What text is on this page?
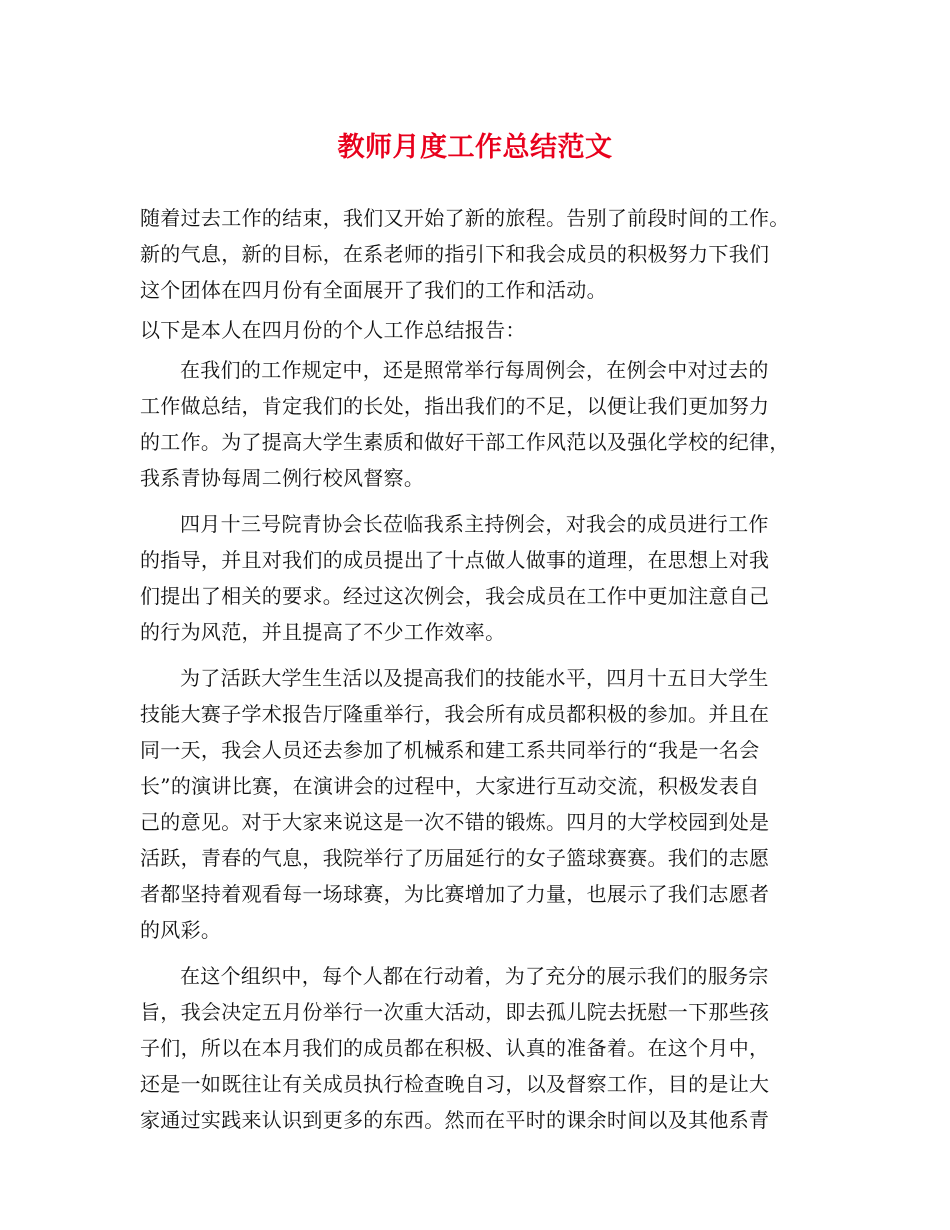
教师月度工作总结范文
随着过去工作的结束，我们又开始了新的旅程。告别了前段时间的工作。
新的气息，新的目标，在系老师的指引下和我会成员的积极努力下我们
这个团体在四月份有全面展开了我们的工作和活动。
以下是本人在四月份的个人工作总结报告：
在我们的工作规定中，还是照常举行每周例会，在例会中对过去的
工作做总结，肯定我们的长处，指出我们的不足，以便让我们更加努力
的工作。为了提高大学生素质和做好干部工作风范以及强化学校的纪律，
我系青协每周二例行校风督察。
四月十三号院青协会长莅临我系主持例会，对我会的成员进行工作
的指导，并且对我们的成员提出了十点做人做事的道理，在思想上对我
们提出了相关的要求。经过这次例会，我会成员在工作中更加注意自己
的行为风范，并且提高了不少工作效率。
为了活跃大学生生活以及提高我们的技能水平，四月十五日大学生
技能大赛子学术报告厅隆重举行，我会所有成员都积极的参加。并且在
同一天，我会人员还去参加了机械系和建工系共同举行的“我是一名会
长”的演讲比赛，在演讲会的过程中，大家进行互动交流，积极发表自
己的意见。对于大家来说这是一次不错的锻炼。四月的大学校园到处是
活跃，青春的气息，我院举行了历届延行的女子篮球赛赛。我们的志愿
者都坚持着观看每一场球赛，为比赛增加了力量，也展示了我们志愿者
的风彩。
在这个组织中，每个人都在行动着，为了充分的展示我们的服务宗
旨，我会决定五月份举行一次重大活动，即去孤儿院去抚慰一下那些孩
子们，所以在本月我们的成员都在积极、认真的准备着。在这个月中，
还是一如既往让有关成员执行检查晚自习，以及督察工作，目的是让大
家通过实践来认识到更多的东西。然而在平时的课余时间以及其他系青
